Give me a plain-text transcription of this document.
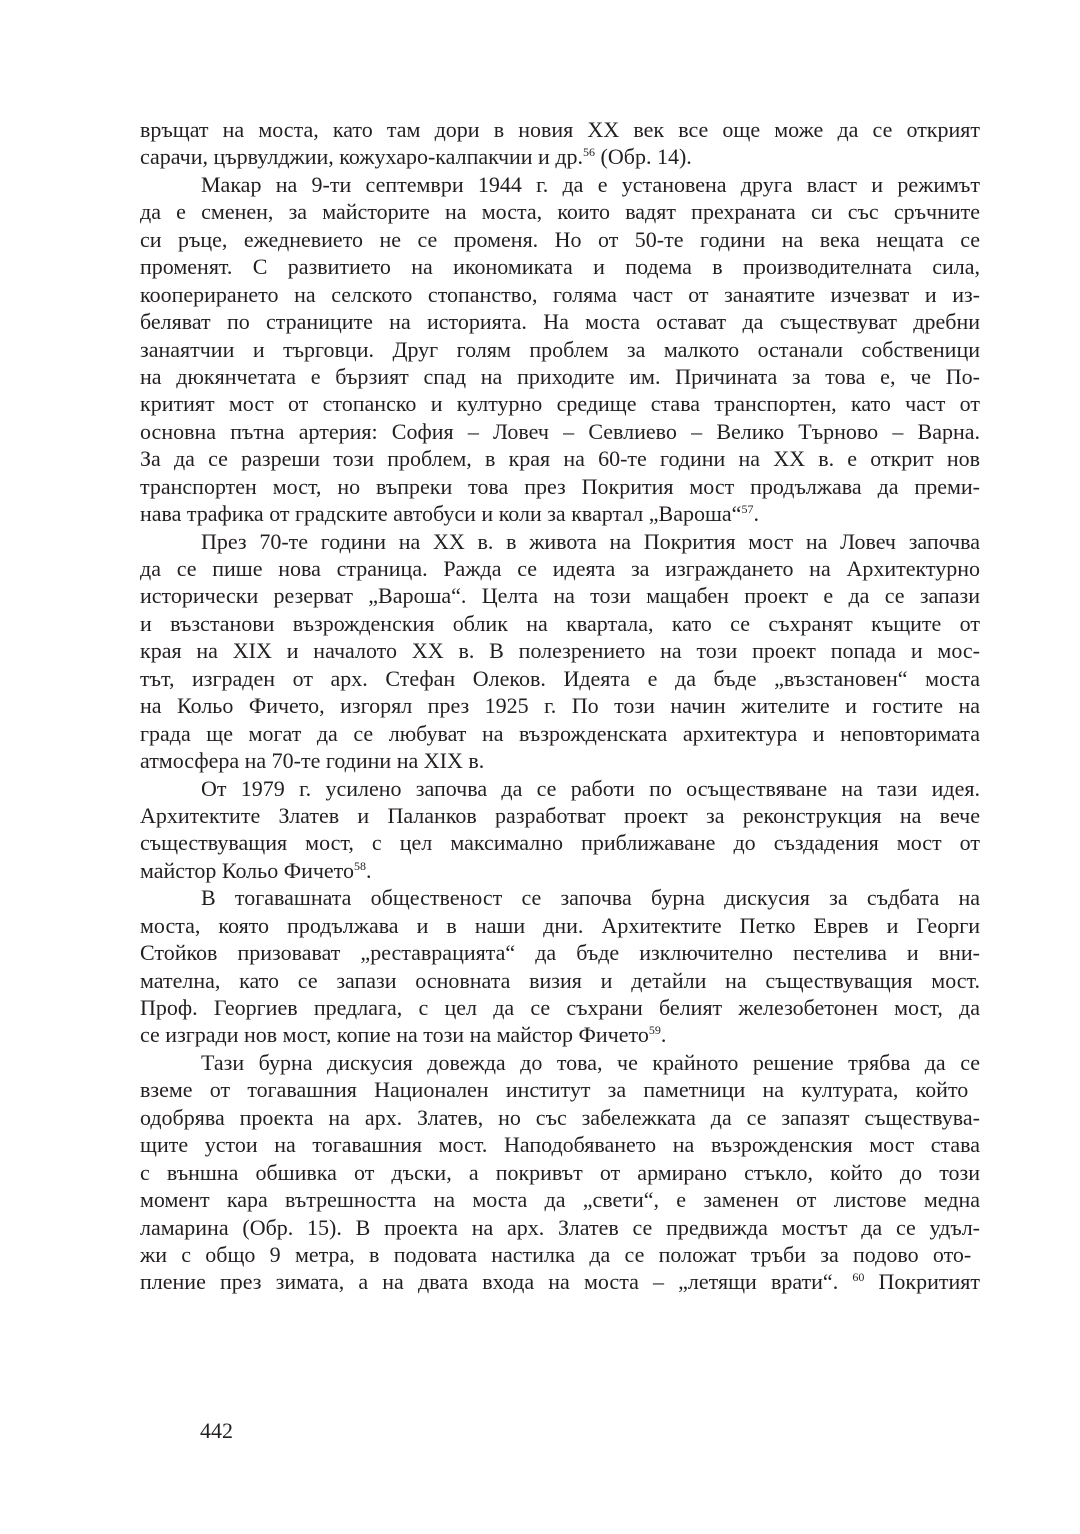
връщат на моста, като там дори в новия XX век все още може да се открият
сарачи, цървулджии, кожухаро-калпакчии и др.$^{56}$ (Обр. 14).
Макар на 9-ти септември 1944 г. да е установена друга власт и режимът
да е сменен, за майсторите на моста, които вадят прехраната си със сръчните
си ръце, ежедневието не се променя. Но от 50-те години на века нещата се
променят. С развитието на икономиката и подема в производителната сила,
коопериранeто на селското стопанство, голяма част от занаятите изчезват и из-
беляват по страниците на историята. На моста остават да съществуват дребни
занаятчии и търговци. Друг голям проблем за малкото останали собственици
на дюкянчетата е бързият спад на приходите им. Причината за това е, че По-
критият мост от стопанско и културно средище става транспортен, като част от
основна пътна артерия: София – Ловеч – Севлиево – Велико Търново – Варна.
За да се разреши този проблем, в края на 60-те години на XX в. е открит нов
транспортен мост, но въпреки това през Покрития мост продължава да преми-
нава трафика от градските автобуси и коли за квартал „Вароша“$^{57}$.
През 70-те години на XX в. в живота на Покрития мост на Ловеч започва
да се пише нова страница. Ражда се идеята за изграждането на Архитектурно
исторически резерват „Вароша“. Целта на този мащабен проект е да се запази
и възстанови възрожденския облик на квартала, като се съхранят къщите от
края на XIX и началото XX в. В полезрението на този проект попада и мос-
тът, изграден от арх. Стефан Олеков. Идеята е да бъде „възстановен“ моста
на Кольо Фичето, изгорял през 1925 г. По този начин жителите и гостите на
града ще могат да се любуват на възрожденската архитектура и неповторимата
атмосфера на 70-те години на XIX в.
От 1979 г. усилено започва да се работи по осъществяване на тази идея.
Архитектите Златев и Паланков разработват проект за реконструкция на вече
съществуващия мост, с цел максимално приближаване до създадения мост от
майстор Кольо Фичето$^{58}$.
В тогавашната общественост се започва бурна дискусия за съдбата на
моста, която продължава и в наши дни. Архитектите Петко Еврев и Георги
Стойков призовават „реставрацията“ да бъде изключително пестелива и вни-
мателна, като се запази основната визия и детайли на съществуващия мост.
Проф. Георгиев предлага, с цел да се съхрани белият железобетонен мост, да
се изгради нов мост, копие на този на майстор Фичето$^{59}$.
Тази бурна дискусия довежда до това, че крайното решение трябва да се
вземе от тогавашния Национален институт за паметници на културата, който
одобрява проекта на арх. Златев, но със забележката да се запазят съществува-
щите устои на тогавашния мост. Наподобяването на възрожденския мост става
с външна обшивка от дъски, а покривът от армирано стъкло, който до този
момент кара вътрешността на моста да „свети“, е заменен от листове медна
ламарина (Обр. 15). В проекта на арх. Златев се предвижда мостът да се удъл-
жи с общо 9 метра, в подовата настилка да се положат тръби за подово ото-
пление през зимата, а на двата входа на моста – „летящи врати“. $^{60}$ Покритият
442
